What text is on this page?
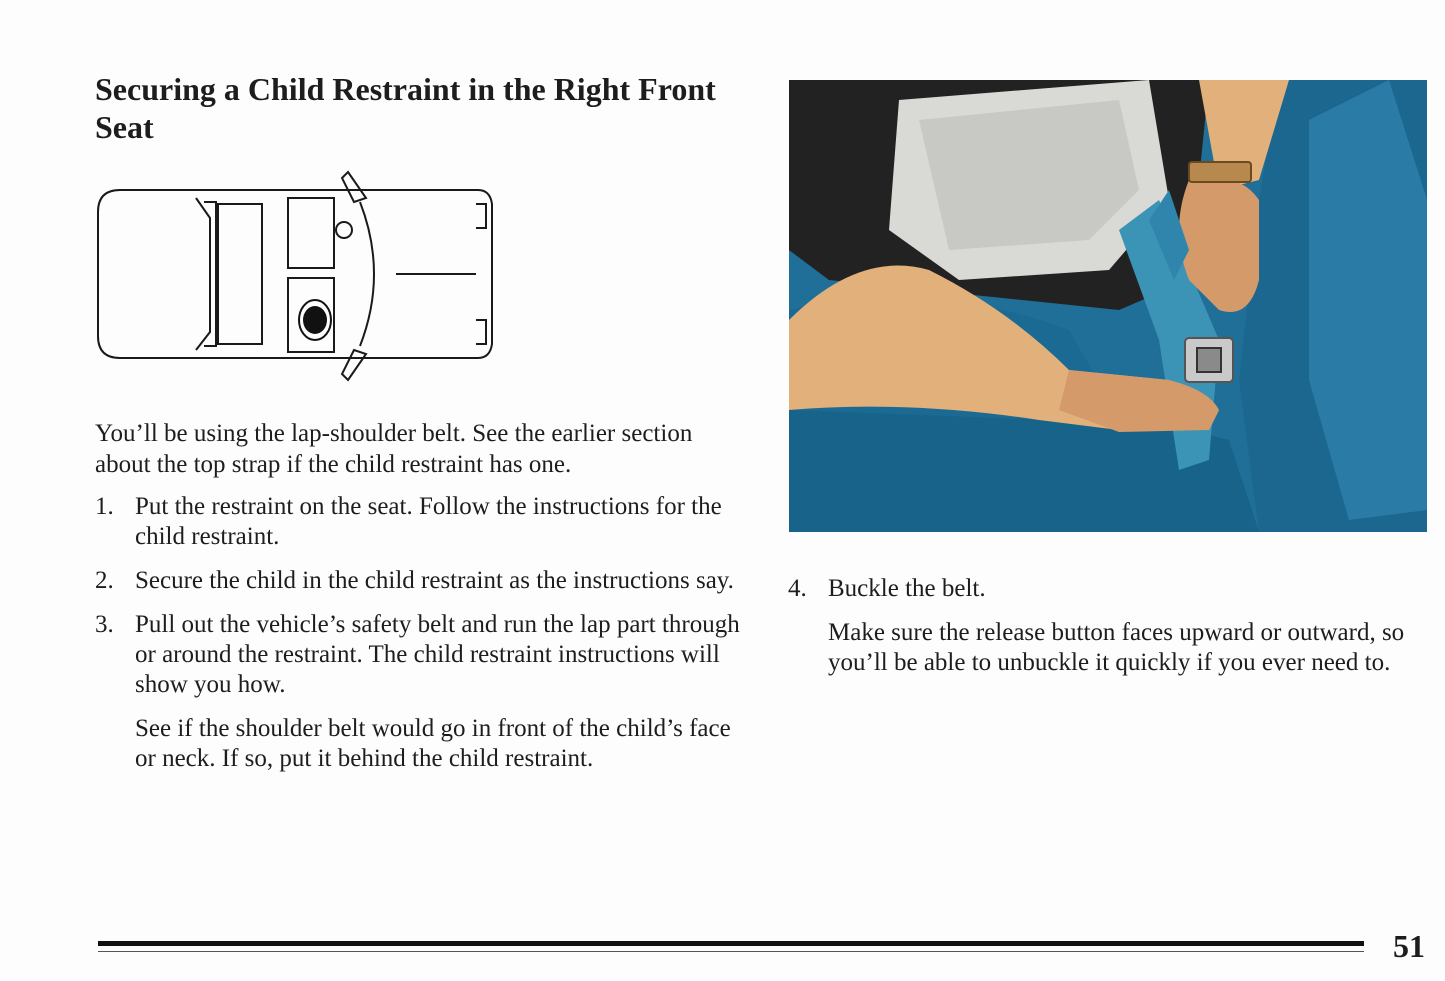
Securing a Child Restraint in the Right Front Seat

You’ll be using the lap-shoulder belt. See the earlier section about the top strap if the child restraint has one.

1. Put the restraint on the seat. Follow the instructions for the child restraint.

2. Secure the child in the child restraint as the instructions say.

3. Pull out the vehicle’s safety belt and run the lap part through or around the restraint. The child restraint instructions will show you how.

See if the shoulder belt would go in front of the child’s face or neck. If so, put it behind the child restraint.

4. Buckle the belt.

Make sure the release button faces upward or outward, so you’ll be able to unbuckle it quickly if you ever need to.

51
